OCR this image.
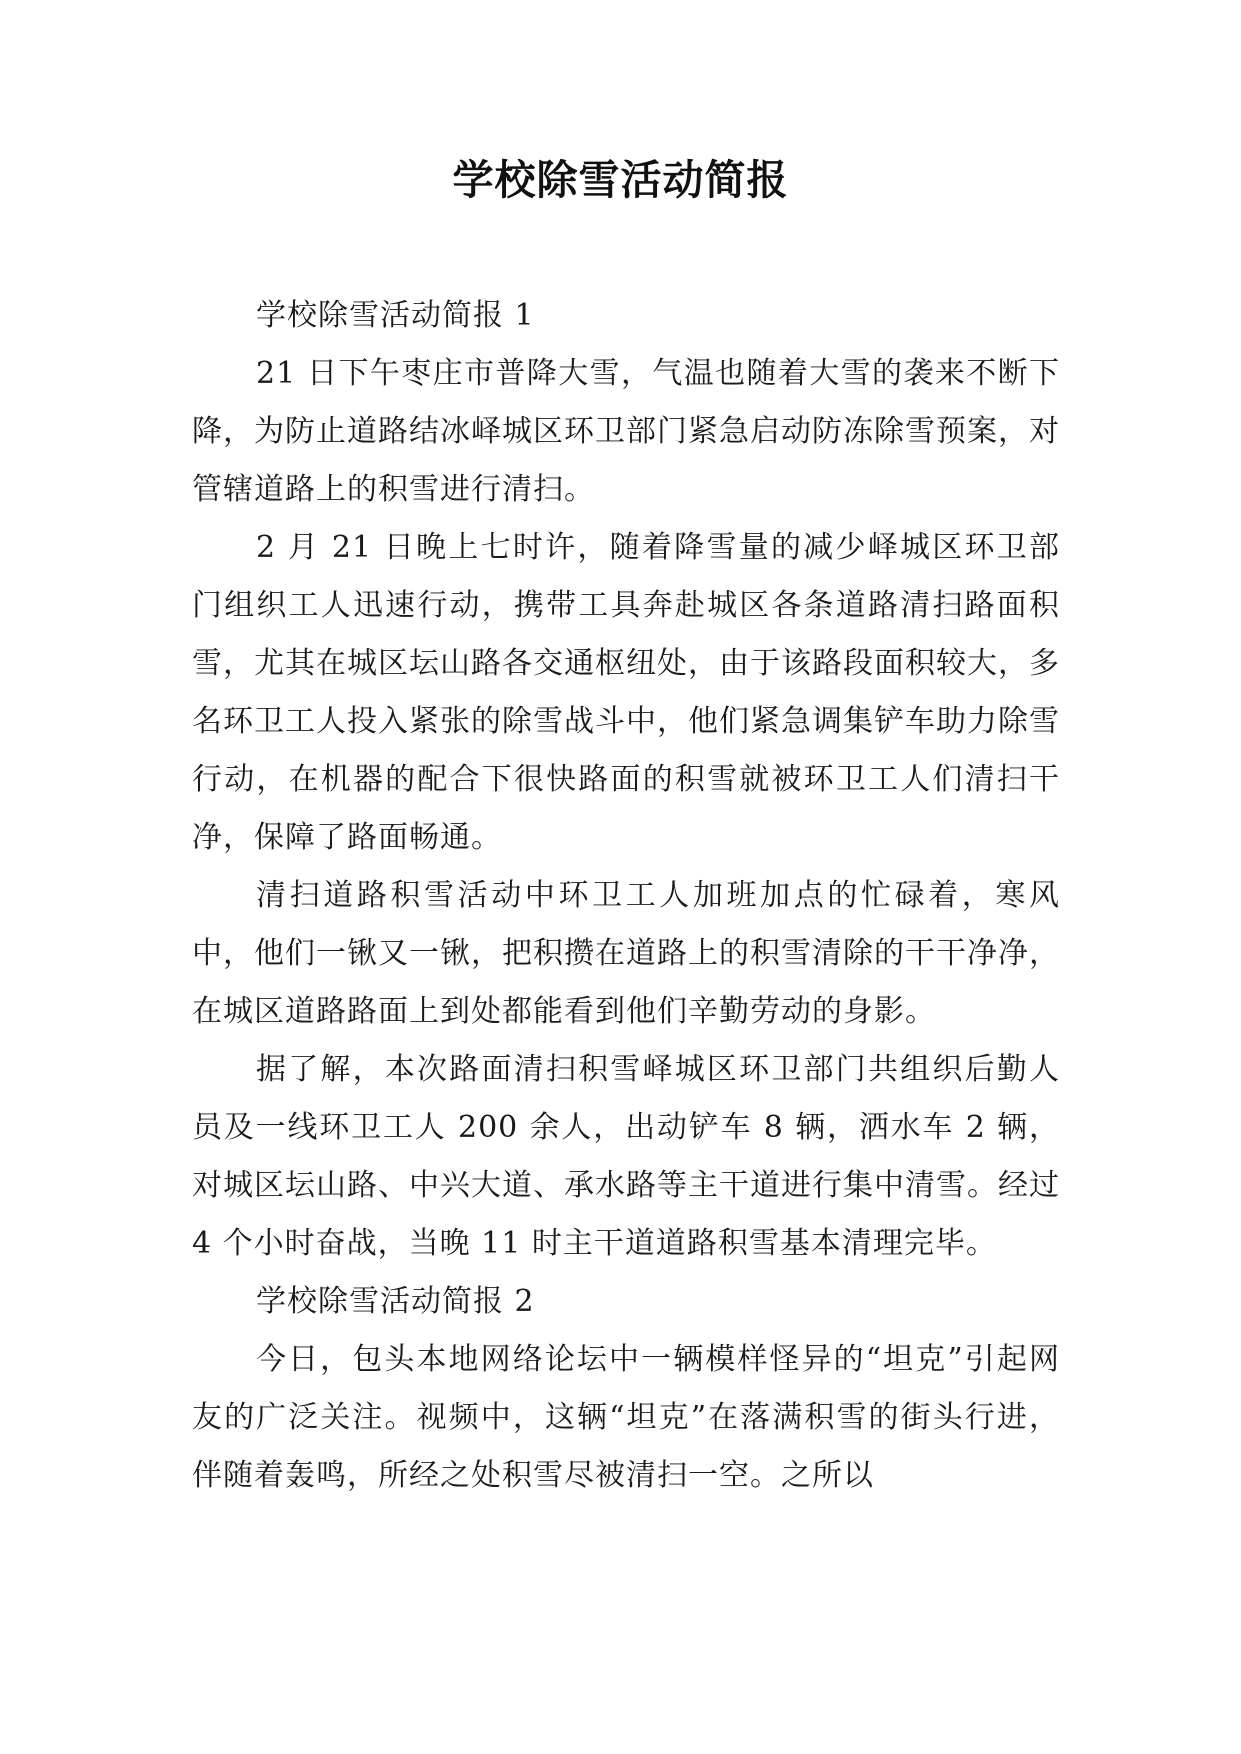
学校除雪活动简报

学校除雪活动简报 1

21 日下午枣庄市普降大雪，气温也随着大雪的袭来不断下降，为防止道路结冰峄城区环卫部门紧急启动防冻除雪预案，对管辖道路上的积雪进行清扫。

2 月 21 日晚上七时许，随着降雪量的减少峄城区环卫部门组织工人迅速行动，携带工具奔赴城区各条道路清扫路面积雪，尤其在城区坛山路各交通枢纽处，由于该路段面积较大，多名环卫工人投入紧张的除雪战斗中，他们紧急调集铲车助力除雪行动，在机器的配合下很快路面的积雪就被环卫工人们清扫干净，保障了路面畅通。

清扫道路积雪活动中环卫工人加班加点的忙碌着，寒风中，他们一锹又一锹，把积攒在道路上的积雪清除的干干净净，在城区道路路面上到处都能看到他们辛勤劳动的身影。

据了解，本次路面清扫积雪峄城区环卫部门共组织后勤人员及一线环卫工人 200 余人，出动铲车 8 辆，洒水车 2 辆，对城区坛山路、中兴大道、承水路等主干道进行集中清雪。经过 4 个小时奋战，当晚 11 时主干道道路积雪基本清理完毕。

学校除雪活动简报 2

今日，包头本地网络论坛中一辆模样怪异的“坦克”引起网友的广泛关注。视频中，这辆“坦克”在落满积雪的街头行进，伴随着轰鸣，所经之处积雪尽被清扫一空。之所以
